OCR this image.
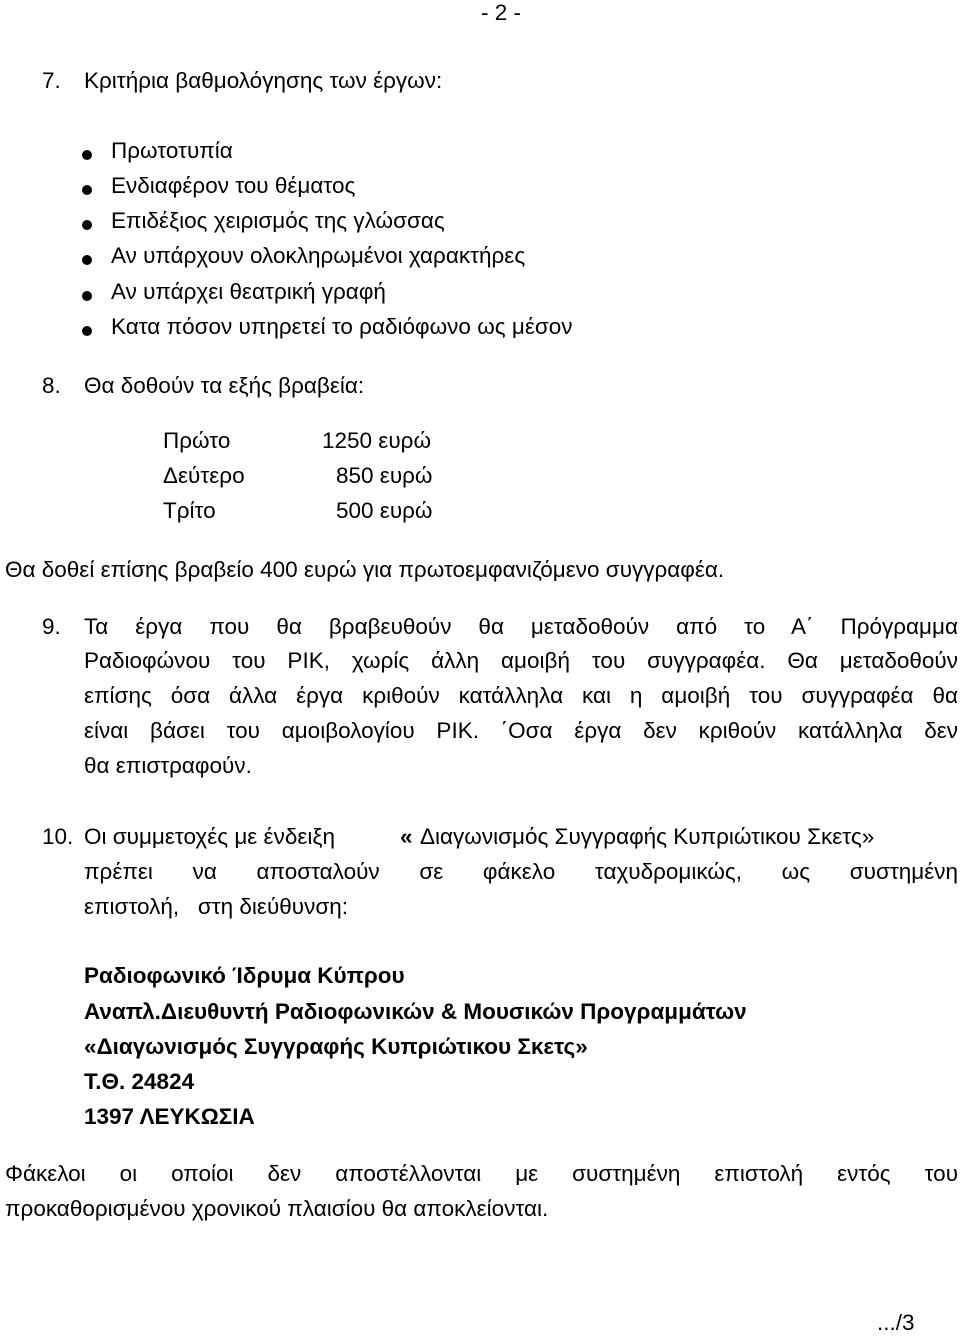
- 2 -
7. Κριτήρια βαθμολόγησης των έργων:
Πρωτοτυπία
Ενδιαφέρον του θέματος
Επιδέξιος χειρισμός της γλώσσας
Αν υπάρχουν ολοκληρωμένοι χαρακτήρες
Αν υπάρχει θεατρική γραφή
Κατα πόσον υπηρετεί το ραδιόφωνο ως μέσον
8. Θα δοθούν τα εξής βραβεία:
Πρώτο	1250 ευρώ
Δεύτερο	850 ευρώ
Τρίτο	500 ευρώ
Θα δοθεί επίσης βραβείο 400 ευρώ για πρωτοεμφανιζόμενο συγγραφέα.
9. Τα έργα που θα βραβευθούν θα μεταδοθούν από το Α΄ Πρόγραμμα
Ραδιοφώνου του ΡΙΚ, χωρίς άλλη αμοιβή του συγγραφέα. Θα μεταδοθούν
επίσης όσα άλλα έργα κριθούν κατάλληλα και η αμοιβή του συγγραφέα θα
είναι βάσει του αμοιβολογίου ΡΙΚ. ΄Οσα έργα δεν κριθούν κατάλληλα δεν
θα επιστραφούν.
10. Οι συμμετοχές με ένδειξη	« Διαγωνισμός Συγγραφής Κυπριώτικου Σκετς»
πρέπει να αποσταλούν σε φάκελο ταχυδρομικώς, ως συστημένη
επιστολή,   στη διεύθυνση:
Ραδιοφωνικό Ίδρυμα Κύπρου
Αναπλ.Διευθυντή Ραδιοφωνικών & Μουσικών Προγραμμάτων
«Διαγωνισμός Συγγραφής Κυπριώτικου Σκετς»
Τ.Θ. 24824
1397 ΛΕΥΚΩΣΙΑ
Φάκελοι οι οποίοι δεν αποστέλλονται με συστημένη επιστολή εντός του
προκαθορισμένου χρονικού πλαισίου θα αποκλείονται.
.../3
